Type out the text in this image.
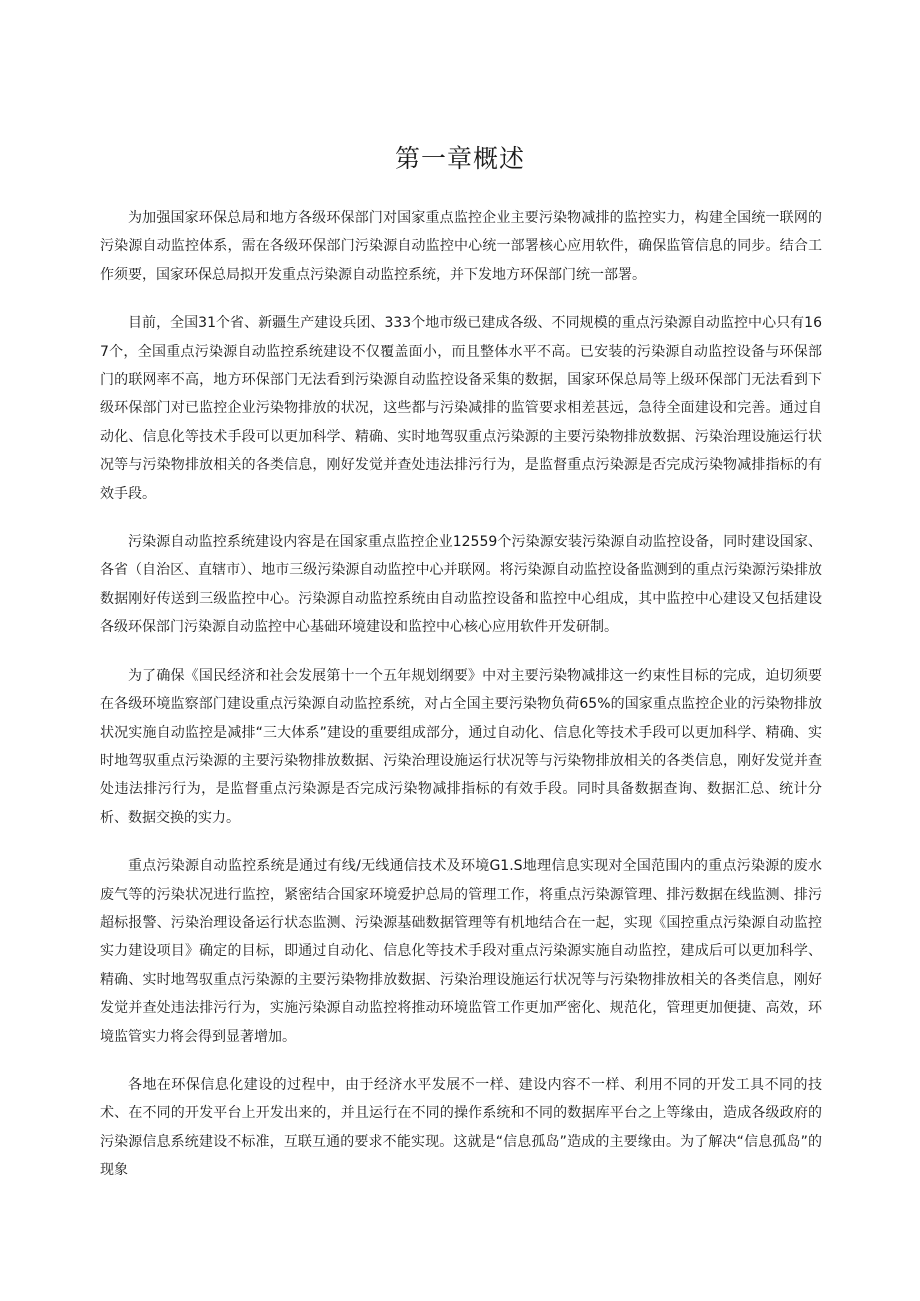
第一章概述

为加强国家环保总局和地方各级环保部门对国家重点监控企业主要污染物减排的监控实力，构建全国统一联网的污染源自动监控体系，需在各级环保部门污染源自动监控中心统一部署核心应用软件，确保监管信息的同步。结合工作须要，国家环保总局拟开发重点污染源自动监控系统，并下发地方环保部门统一部署。

目前，全国31个省、新疆生产建设兵团、333个地市级已建成各级、不同规模的重点污染源自动监控中心只有167个，全国重点污染源自动监控系统建设不仅覆盖面小，而且整体水平不高。已安装的污染源自动监控设备与环保部门的联网率不高，地方环保部门无法看到污染源自动监控设备采集的数据，国家环保总局等上级环保部门无法看到下级环保部门对已监控企业污染物排放的状况，这些都与污染减排的监管要求相差甚远，急待全面建设和完善。通过自动化、信息化等技术手段可以更加科学、精确、实时地驾驭重点污染源的主要污染物排放数据、污染治理设施运行状况等与污染物排放相关的各类信息，刚好发觉并查处违法排污行为，是监督重点污染源是否完成污染物减排指标的有效手段。

污染源自动监控系统建设内容是在国家重点监控企业12559个污染源安装污染源自动监控设备，同时建设国家、各省（自治区、直辖市）、地市三级污染源自动监控中心并联网。将污染源自动监控设备监测到的重点污染源污染排放数据刚好传送到三级监控中心。污染源自动监控系统由自动监控设备和监控中心组成，其中监控中心建设又包括建设各级环保部门污染源自动监控中心基础环境建设和监控中心核心应用软件开发研制。

为了确保《国民经济和社会发展第十一个五年规划纲要》中对主要污染物减排这一约束性目标的完成，迫切须要在各级环境监察部门建设重点污染源自动监控系统，对占全国主要污染物负荷65%的国家重点监控企业的污染物排放状况实施自动监控是减排“三大体系”建设的重要组成部分，通过自动化、信息化等技术手段可以更加科学、精确、实时地驾驭重点污染源的主要污染物排放数据、污染治理设施运行状况等与污染物排放相关的各类信息，刚好发觉并查处违法排污行为，是监督重点污染源是否完成污染物减排指标的有效手段。同时具备数据查询、数据汇总、统计分析、数据交换的实力。

重点污染源自动监控系统是通过有线/无线通信技术及环境G1.S地理信息实现对全国范围内的重点污染源的废水废气等的污染状况进行监控，紧密结合国家环境爱护总局的管理工作，将重点污染源管理、排污数据在线监测、排污超标报警、污染治理设备运行状态监测、污染源基础数据管理等有机地结合在一起，实现《国控重点污染源自动监控实力建设项目》确定的目标，即通过自动化、信息化等技术手段对重点污染源实施自动监控，建成后可以更加科学、精确、实时地驾驭重点污染源的主要污染物排放数据、污染治理设施运行状况等与污染物排放相关的各类信息，刚好发觉并查处违法排污行为，实施污染源自动监控将推动环境监管工作更加严密化、规范化，管理更加便捷、高效，环境监管实力将会得到显著增加。

各地在环保信息化建设的过程中，由于经济水平发展不一样、建设内容不一样、利用不同的开发工具不同的技术、在不同的开发平台上开发出来的，并且运行在不同的操作系统和不同的数据库平台之上等缘由，造成各级政府的污染源信息系统建设不标准，互联互通的要求不能实现。这就是“信息孤岛”造成的主要缘由。为了解决“信息孤岛”的现象
